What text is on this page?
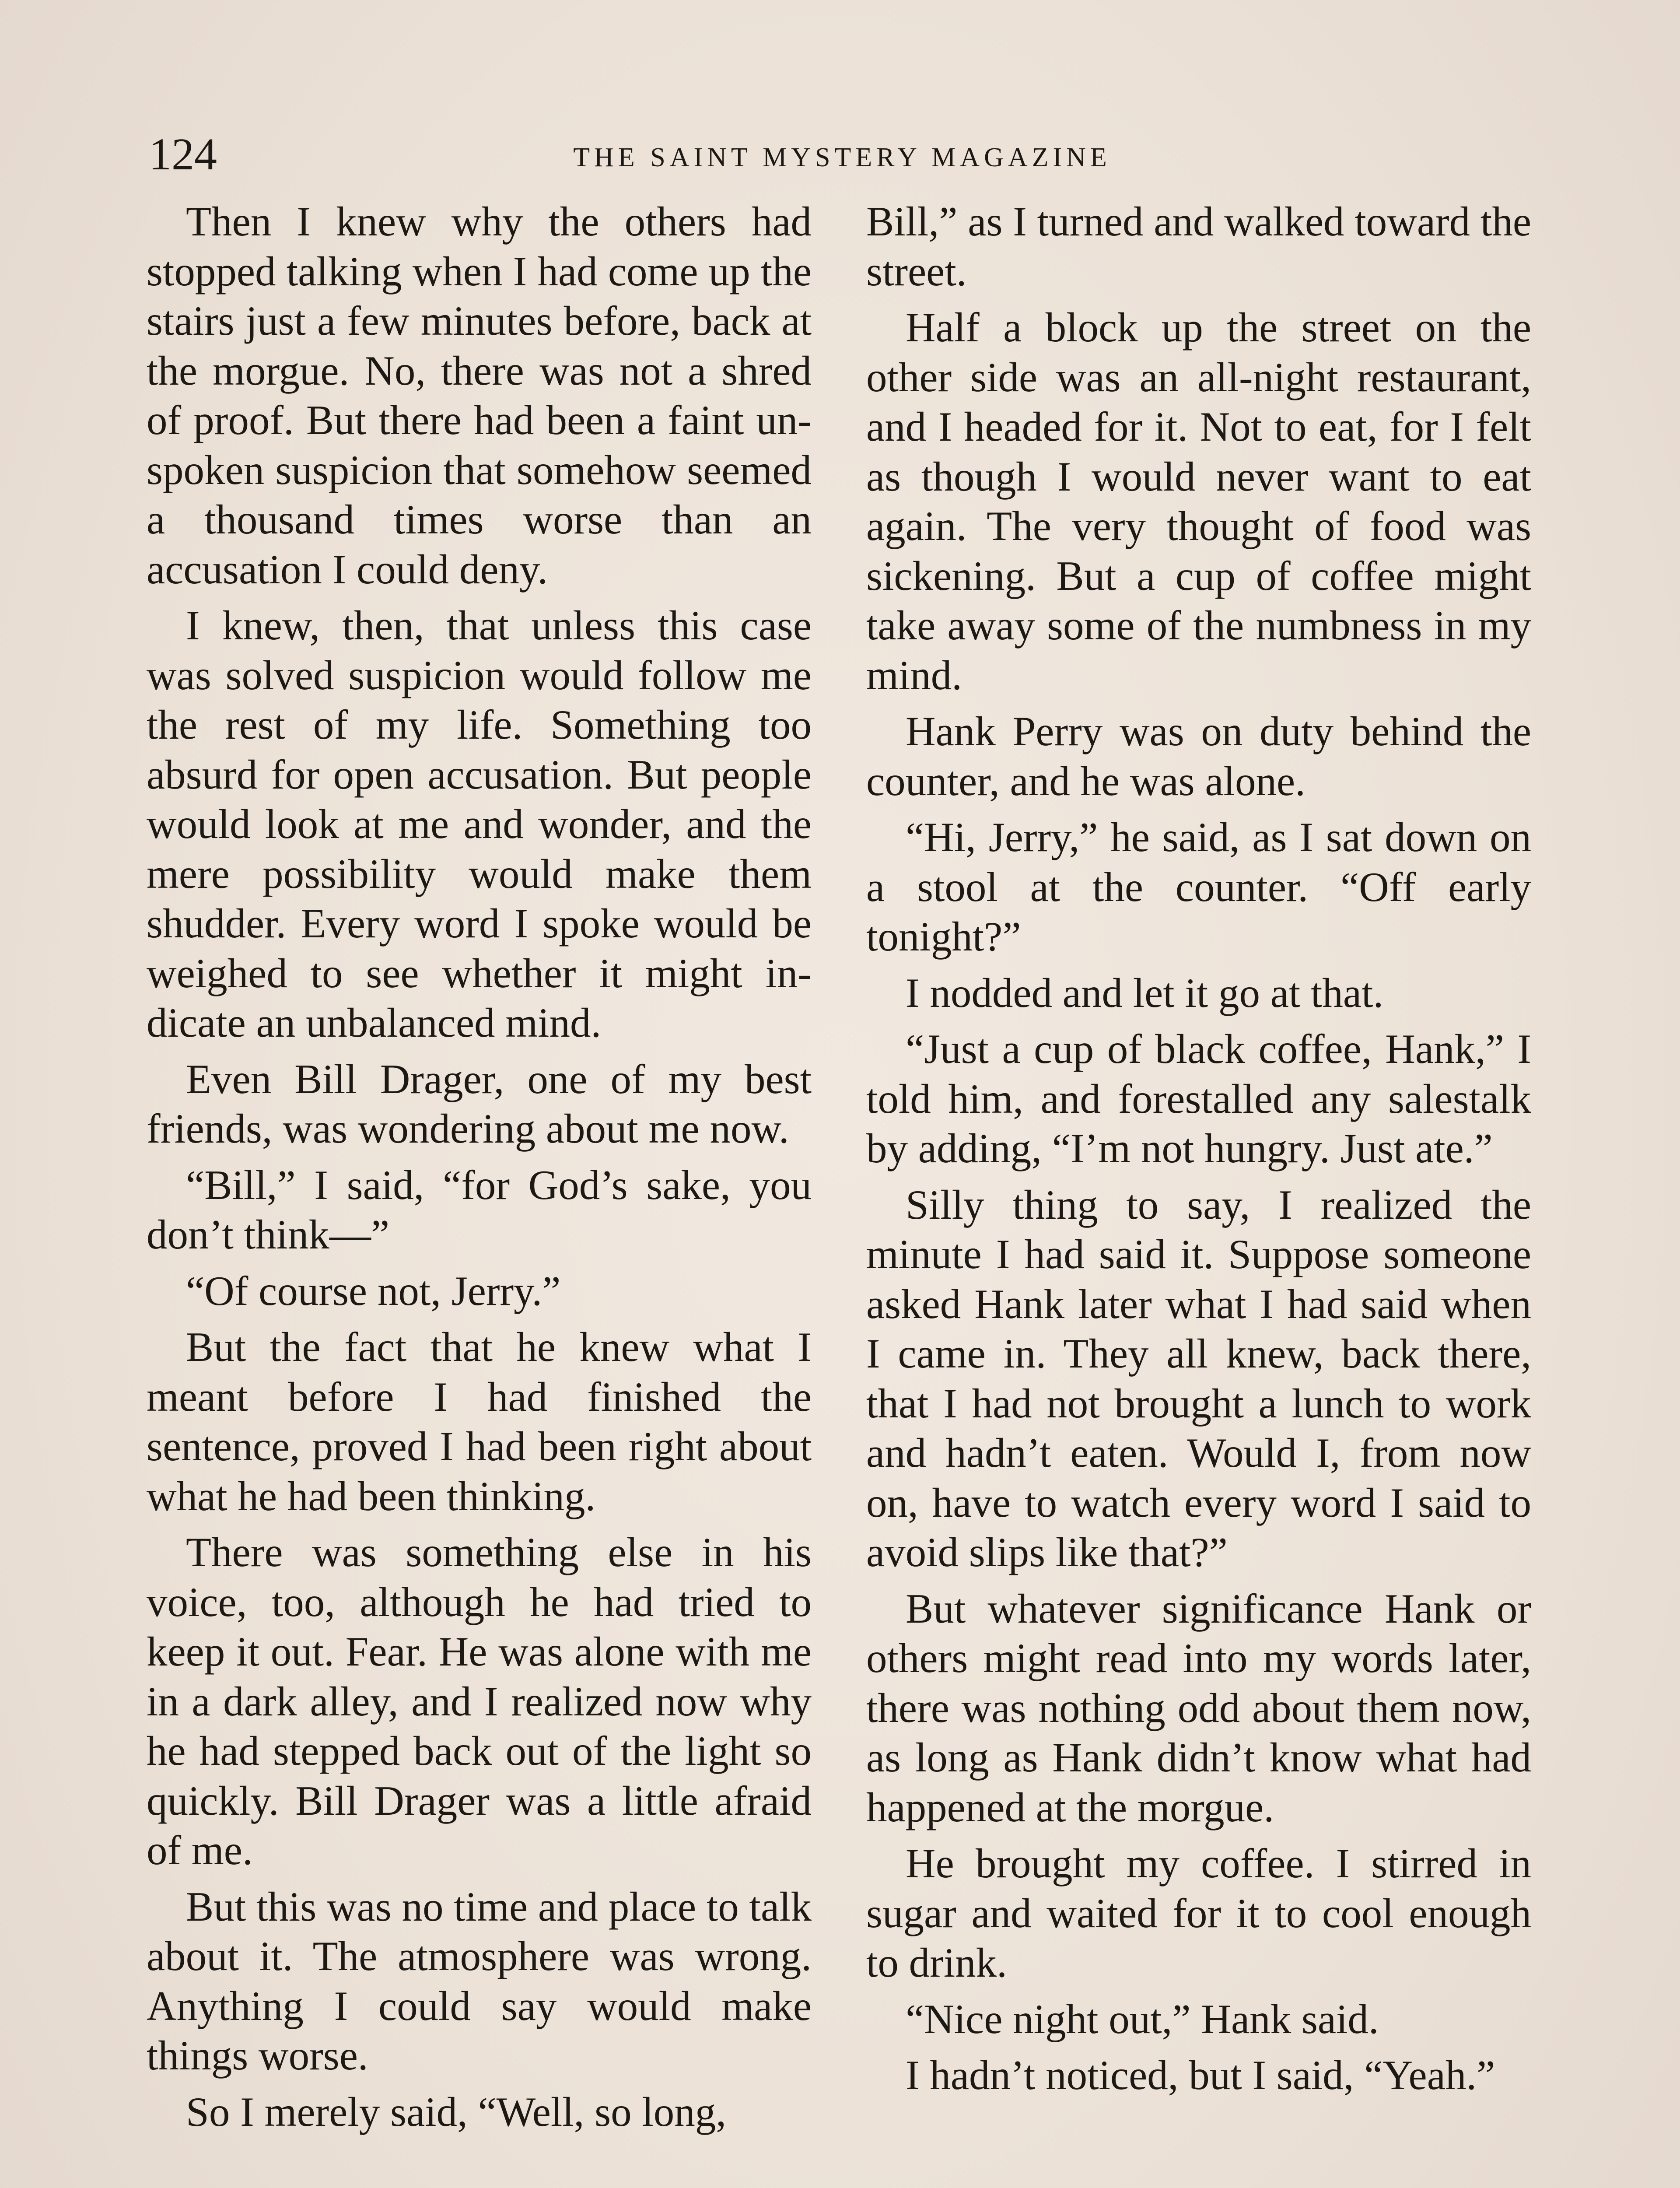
124	THE SAINT MYSTERY MAGAZINE

Then I knew why the others had stopped talking when I had come up the stairs just a few minutes before, back at the morgue. No, there was not a shred of proof. But there had been a faint unspoken suspicion that somehow seemed a thousand times worse than an accusation I could deny.

I knew, then, that unless this case was solved suspicion would follow me the rest of my life. Something too absurd for open accusation. But people would look at me and wonder, and the mere possibility would make them shudder. Every word I spoke would be weighed to see whether it might indicate an unbalanced mind.

Even Bill Drager, one of my best friends, was wondering about me now.

“Bill,” I said, “for God’s sake, you don’t think—”

“Of course not, Jerry.”

But the fact that he knew what I meant before I had finished the sentence, proved I had been right about what he had been thinking.

There was something else in his voice, too, although he had tried to keep it out. Fear. He was alone with me in a dark alley, and I realized now why he had stepped back out of the light so quickly. Bill Drager was a little afraid of me.

But this was no time and place to talk about it. The atmosphere was wrong. Anything I could say would make things worse.

So I merely said, “Well, so long,

Bill,” as I turned and walked toward the street.

Half a block up the street on the other side was an all-night restaurant, and I headed for it. Not to eat, for I felt as though I would never want to eat again. The very thought of food was sickening. But a cup of coffee might take away some of the numbness in my mind.

Hank Perry was on duty behind the counter, and he was alone.

“Hi, Jerry,” he said, as I sat down on a stool at the counter. “Off early tonight?”

I nodded and let it go at that.

“Just a cup of black coffee, Hank,” I told him, and forestalled any salestalk by adding, “I’m not hungry. Just ate.”

Silly thing to say, I realized the minute I had said it. Suppose someone asked Hank later what I had said when I came in. They all knew, back there, that I had not brought a lunch to work and hadn’t eaten. Would I, from now on, have to watch every word I said to avoid slips like that?”

But whatever significance Hank or others might read into my words later, there was nothing odd about them now, as long as Hank didn’t know what had happened at the morgue.

He brought my coffee. I stirred in sugar and waited for it to cool enough to drink.

“Nice night out,” Hank said.

I hadn’t noticed, but I said, “Yeah.”
